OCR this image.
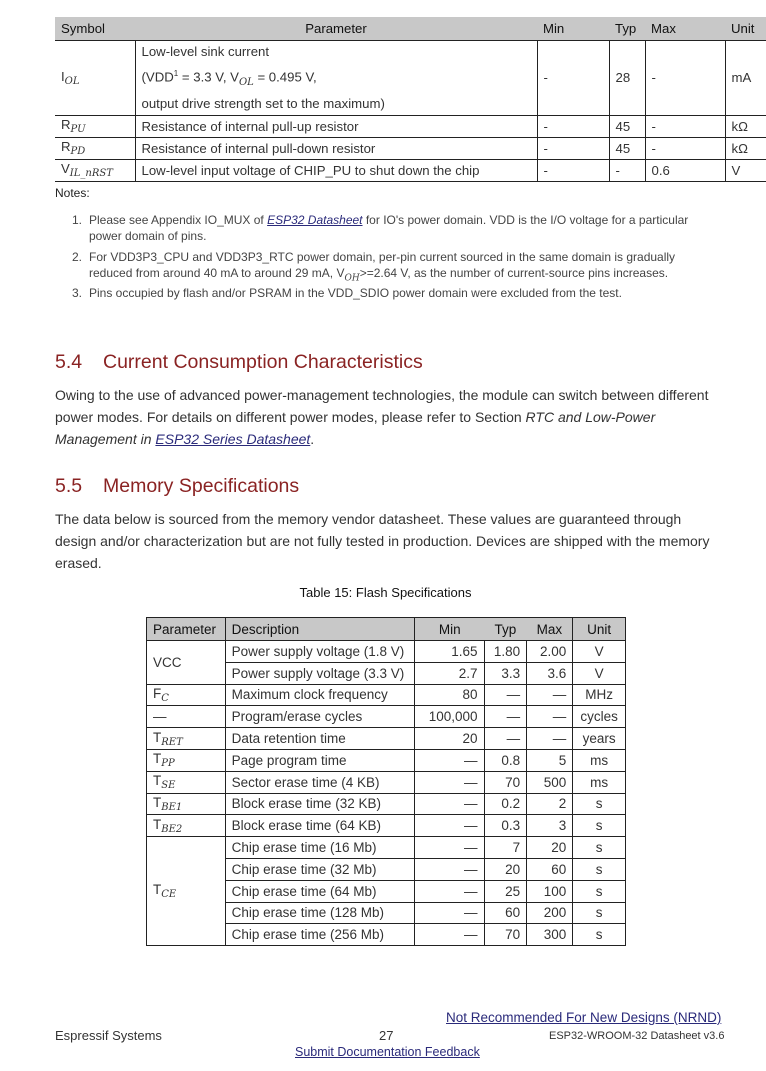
Symbol	Parameter	Min	Typ	Max	Unit
$I_{OL}$	Low-level sink current
($VDD^1 = 3.3$ V, $V_{OL} = 0.495$ V,
output drive strength set to the maximum)	-	28	-	mA
$R_{PU}$	Resistance of internal pull-up resistor	-	45	-	kΩ
$R_{PD}$	Resistance of internal pull-down resistor	-	45	-	kΩ
$V_{IL\_nRST}$	Low-level input voltage of CHIP_PU to shut down the chip	-	-	0.6	V
Notes:
1. Please see Appendix IO_MUX of ESP32 Datasheet for IO's power domain. VDD is the I/O voltage for a particular power domain of pins.
2. For VDD3P3_CPU and VDD3P3_RTC power domain, per-pin current sourced in the same domain is gradually reduced from around 40 mA to around 29 mA, $V_{OH}>=2.64$ V, as the number of current-source pins increases.
3. Pins occupied by flash and/or PSRAM in the VDD_SDIO power domain were excluded from the test.
5.4 Current Consumption Characteristics
Owing to the use of advanced power-management technologies, the module can switch between different power modes. For details on different power modes, please refer to Section RTC and Low-Power Management in ESP32 Series Datasheet.
5.5 Memory Specifications
The data below is sourced from the memory vendor datasheet. These values are guaranteed through design and/or characterization but are not fully tested in production. Devices are shipped with the memory erased.
Table 15: Flash Specifications
Parameter	Description	Min	Typ	Max	Unit
VCC	Power supply voltage (1.8 V)	1.65	1.80	2.00	V
	Power supply voltage (3.3 V)	2.7	3.3	3.6	V
$F_C$	Maximum clock frequency	80	—	—	MHz
—	Program/erase cycles	100,000	—	—	cycles
$T_{RET}$	Data retention time	20	—	—	years
$T_{PP}$	Page program time	—	0.8	5	ms
$T_{SE}$	Sector erase time (4 KB)	—	70	500	ms
$T_{BE1}$	Block erase time (32 KB)	—	0.2	2	s
$T_{BE2}$	Block erase time (64 KB)	—	0.3	3	s
$T_{CE}$	Chip erase time (16 Mb)	—	7	20	s
	Chip erase time (32 Mb)	—	20	60	s
	Chip erase time (64 Mb)	—	25	100	s
	Chip erase time (128 Mb)	—	60	200	s
	Chip erase time (256 Mb)	—	70	300	s
Not Recommended For New Designs (NRND)
Espressif Systems	27	ESP32-WROOM-32 Datasheet v3.6
Submit Documentation Feedback
